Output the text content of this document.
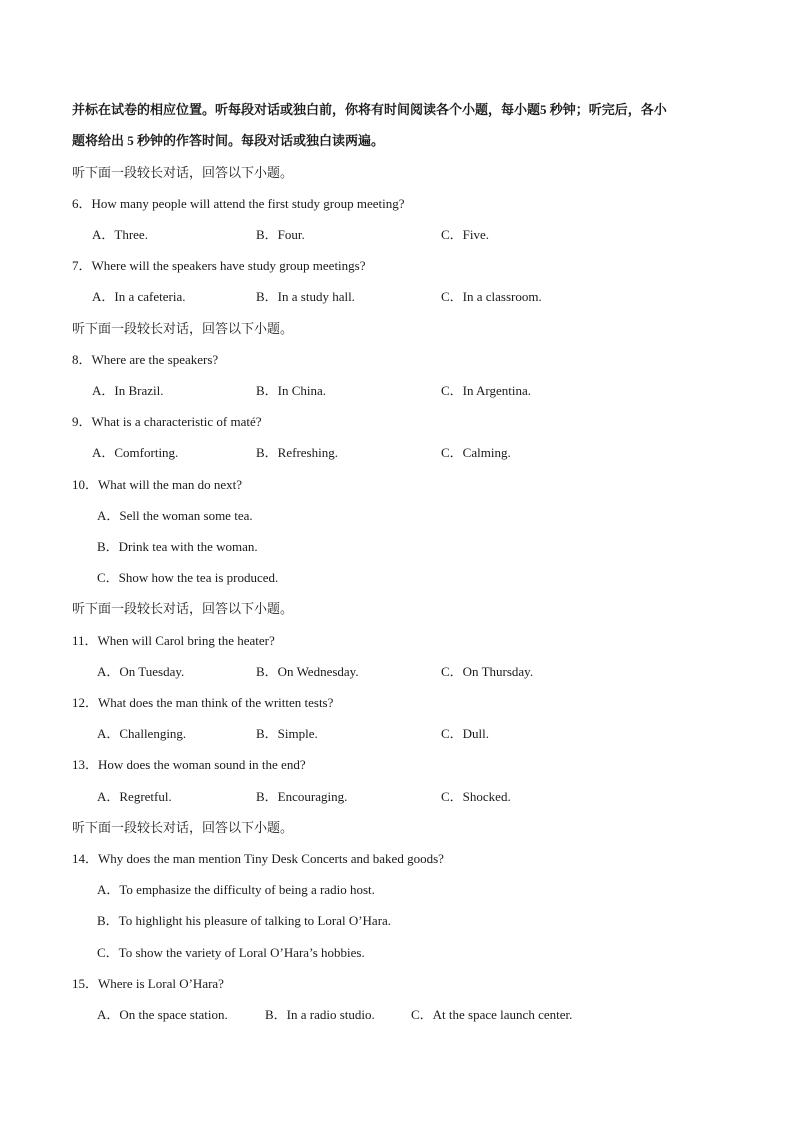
并标在试卷的相应位置。听每段对话或独白前，你将有时间阅读各个小题，每小题5 秒钟；听完后，各小
题将给出 5 秒钟的作答时间。每段对话或独白读两遍。
听下面一段较长对话，回答以下小题。
6．How many people will attend the first study group meeting?
A．Three.	B．Four.	C．Five.
7．Where will the speakers have study group meetings?
A．In a cafeteria.	B．In a study hall.	C．In a classroom.
听下面一段较长对话，回答以下小题。
8．Where are the speakers?
A．In Brazil.	B．In China.	C．In Argentina.
9．What is a characteristic of maté?
A．Comforting.	B．Refreshing.	C．Calming.
10．What will the man do next?
A．Sell the woman some tea.
B．Drink tea with the woman.
C．Show how the tea is produced.
听下面一段较长对话，回答以下小题。
11．When will Carol bring the heater?
A．On Tuesday.	B．On Wednesday.	C．On Thursday.
12．What does the man think of the written tests?
A．Challenging.	B．Simple.	C．Dull.
13．How does the woman sound in the end?
A．Regretful.	B．Encouraging.	C．Shocked.
听下面一段较长对话，回答以下小题。
14．Why does the man mention Tiny Desk Concerts and baked goods?
A．To emphasize the difficulty of being a radio host.
B．To highlight his pleasure of talking to Loral O’Hara.
C．To show the variety of Loral O’Hara’s hobbies.
15．Where is Loral O’Hara?
A．On the space station.	B．In a radio studio.	C．At the space launch center.
